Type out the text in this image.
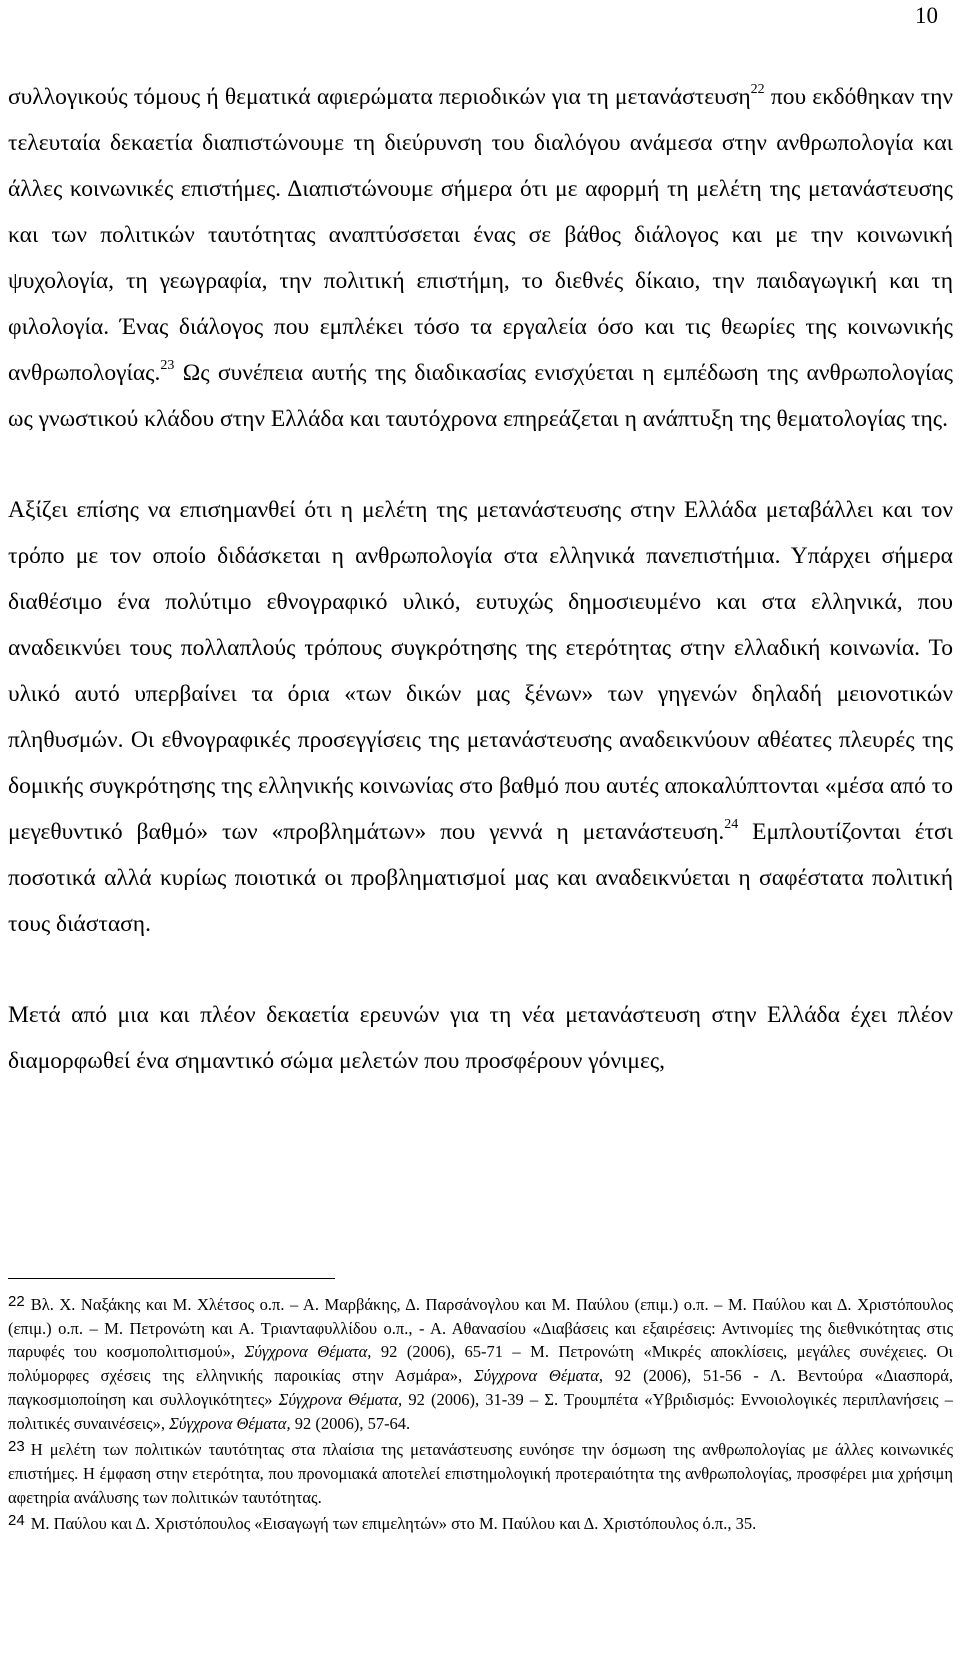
10

συλλογικούς τόμους ή θεματικά αφιερώματα περιοδικών για τη μετανάστευση$^{22}$ που εκδόθηκαν την τελευταία δεκαετία διαπιστώνουμε τη διεύρυνση του διαλόγου ανάμεσα στην ανθρωπολογία και άλλες κοινωνικές επιστήμες. Διαπιστώνουμε σήμερα ότι με αφορμή τη μελέτη της μετανάστευσης και των πολιτικών ταυτότητας αναπτύσσεται ένας σε βάθος διάλογος και με την κοινωνική ψυχολογία, τη γεωγραφία, την πολιτική επιστήμη, το διεθνές δίκαιο, την παιδαγωγική και τη φιλολογία. Ένας διάλογος που εμπλέκει τόσο τα εργαλεία όσο και τις θεωρίες της κοινωνικής ανθρωπολογίας.$^{23}$ Ως συνέπεια αυτής της διαδικασίας ενισχύεται η εμπέδωση της ανθρωπολογίας ως γνωστικού κλάδου στην Ελλάδα και ταυτόχρονα επηρεάζεται η ανάπτυξη της θεματολογίας της.

Αξίζει επίσης να επισημανθεί ότι η μελέτη της μετανάστευσης στην Ελλάδα μεταβάλλει και τον τρόπο με τον οποίο διδάσκεται η ανθρωπολογία στα ελληνικά πανεπιστήμια. Υπάρχει σήμερα διαθέσιμο ένα πολύτιμο εθνογραφικό υλικό, ευτυχώς δημοσιευμένο και στα ελληνικά, που αναδεικνύει τους πολλαπλούς τρόπους συγκρότησης της ετερότητας στην ελλαδική κοινωνία. Το υλικό αυτό υπερβαίνει τα όρια «των δικών μας ξένων» των γηγενών δηλαδή μειονοτικών πληθυσμών. Οι εθνογραφικές προσεγγίσεις της μετανάστευσης αναδεικνύουν αθέατες πλευρές της δομικής συγκρότησης της ελληνικής κοινωνίας στο βαθμό που αυτές αποκαλύπτονται «μέσα από το μεγεθυντικό βαθμό» των «προβλημάτων» που γεννά η μετανάστευση.$^{24}$ Εμπλουτίζονται έτσι ποσοτικά αλλά κυρίως ποιοτικά οι προβληματισμοί μας και αναδεικνύεται η σαφέστατα πολιτική τους διάσταση.

Μετά από μια και πλέον δεκαετία ερευνών για τη νέα μετανάστευση στην Ελλάδα έχει πλέον διαμορφωθεί ένα σημαντικό σώμα μελετών που προσφέρουν γόνιμες,

22 Βλ. Χ. Ναξάκης και Μ. Χλέτσος ο.π. – Α. Μαρβάκης, Δ. Παρσάνογλου και Μ. Παύλου (επιμ.) ο.π. – Μ. Παύλου και Δ. Χριστόπουλος (επιμ.) ο.π. – Μ. Πετρονώτη και Α. Τριανταφυλλίδου ο.π., - Α. Αθανασίου «Διαβάσεις και εξαιρέσεις: Αντινομίες της διεθνικότητας στις παρυφές του κοσμοπολιτισμού», Σύγχρονα Θέματα, 92 (2006), 65-71 – Μ. Πετρονώτη «Μικρές αποκλίσεις, μεγάλες συνέχειες. Οι πολύμορφες σχέσεις της ελληνικής παροικίας στην Ασμάρα», Σύγχρονα Θέματα, 92 (2006), 51-56 - Λ. Βεντούρα «Διασπορά, παγκοσμιοποίηση και συλλογικότητες» Σύγχρονα Θέματα, 92 (2006), 31-39 – Σ. Τρουμπέτα «Υβριδισμός: Εννοιολογικές περιπλανήσεις – πολιτικές συναινέσεις», Σύγχρονα Θέματα, 92 (2006), 57-64.

23 Η μελέτη των πολιτικών ταυτότητας στα πλαίσια της μετανάστευσης ευνόησε την όσμωση της ανθρωπολογίας με άλλες κοινωνικές επιστήμες. Η έμφαση στην ετερότητα, που προνομιακά αποτελεί επιστημολογική προτεραιότητα της ανθρωπολογίας, προσφέρει μια χρήσιμη αφετηρία ανάλυσης των πολιτικών ταυτότητας.

24 Μ. Παύλου και Δ. Χριστόπουλος «Εισαγωγή των επιμελητών» στο Μ. Παύλου και Δ. Χριστόπουλος ό.π., 35.
